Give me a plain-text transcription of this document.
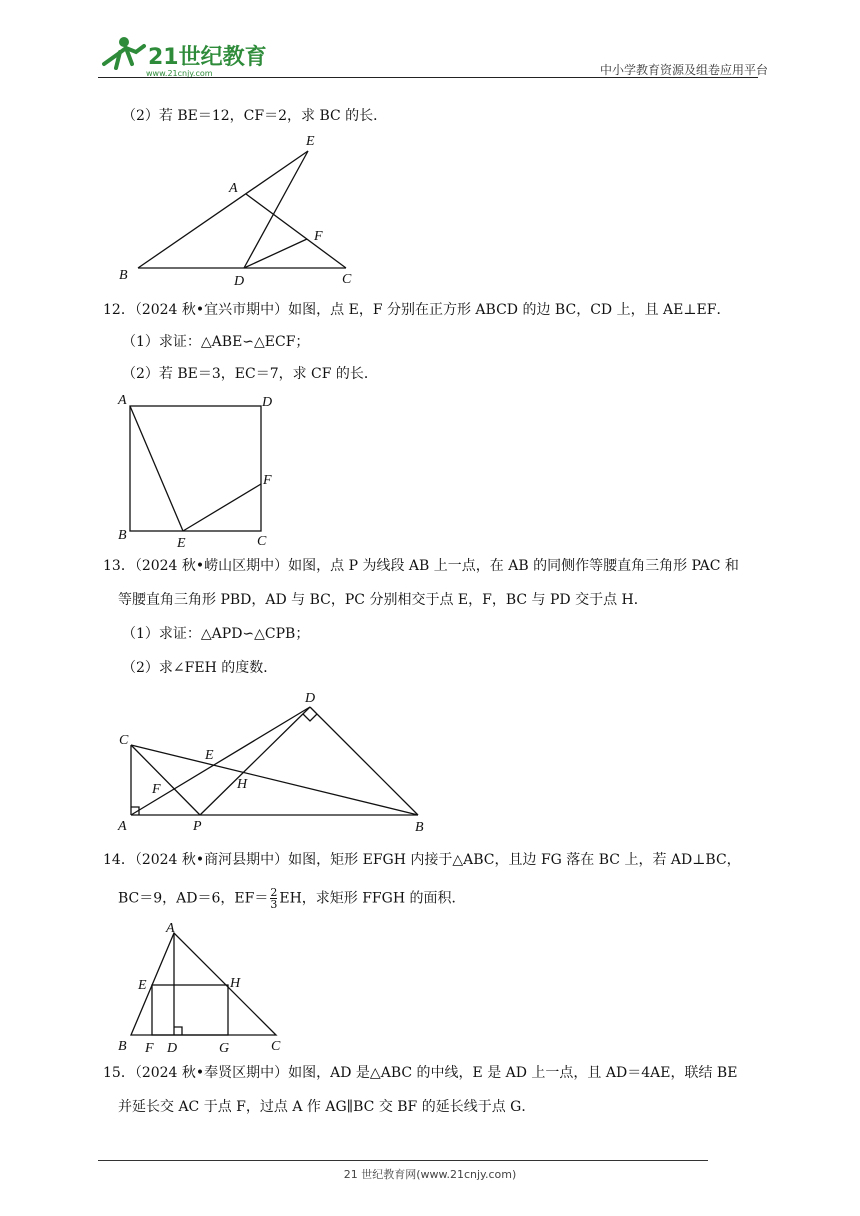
21世纪教育
www.21cnjy.com	中小学教育资源及组卷应用平台
（2）若 BE＝12，CF＝2，求 BC 的长．
E
A
F
B	D	C
12．（2024 秋•宜兴市期中）如图，点 E，F 分别在正方形 ABCD 的边 BC，CD 上，且 AE⊥EF．
（1）求证：△ABE∽△ECF；
（2）若 BE＝3，EC＝7，求 CF 的长．
A	D
F
B
E	C
13．（2024 秋•崂山区期中）如图，点 P 为线段 AB 上一点，在 AB 的同侧作等腰直角三角形 PAC 和
等腰直角三角形 PBD，AD 与 BC，PC 分别相交于点 E，F，BC 与 PD 交于点 H．
（1）求证：△APD∽△CPB；
（2）求∠FEH 的度数．
D
C
E
F	H
A	P	B
14．（2024 秋•商河县期中）如图，矩形 EFGH 内接于△ABC，且边 FG 落在 BC 上，若 AD⊥BC，
BC＝9，AD＝6，$EF= \frac{2}{3}$ EH，求矩形 FFGH 的面积．
A
E	H
B F D	G	C
15．（2024 秋•奉贤区期中）如图，AD 是△ABC 的中线，E 是 AD 上一点，且 AD＝4AE，联结 BE
并延长交 AC 于点 F，过点 A 作 AG∥BC 交 BF 的延长线于点 G．
21 世纪教育网(www.21cnjy.com)
